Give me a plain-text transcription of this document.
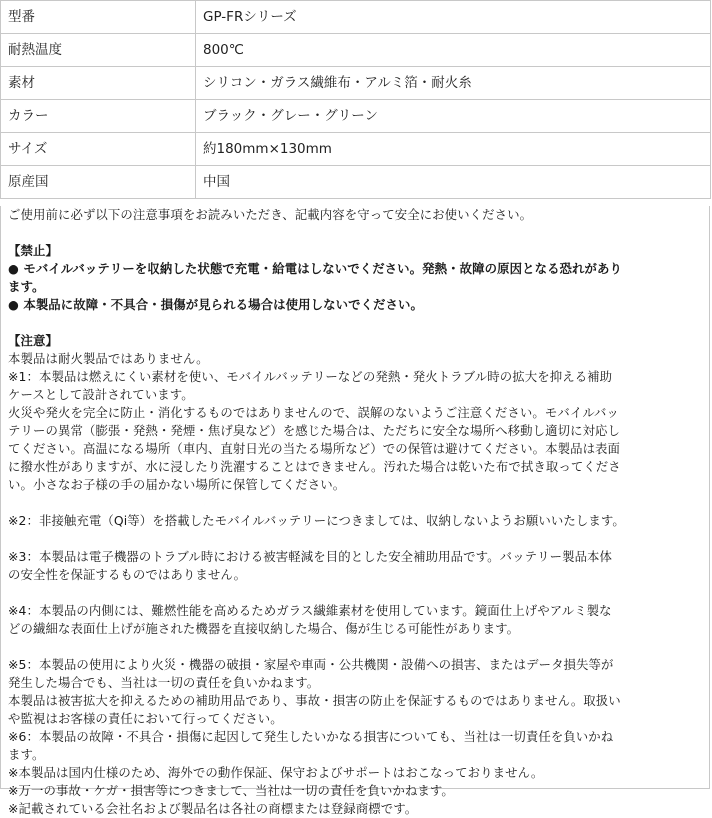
型番	GP-FRシリーズ
耐熱温度	800℃
素材	シリコン・ガラス繊維布・アルミ箔・耐火糸
カラー	ブラック・グレー・グリーン
サイズ	約180mm×130mm
原産国	中国

ご使用前に必ず以下の注意事項をお読みいただき、記載内容を守って安全にお使いください。

【禁止】

● モバイルバッテリーを収納した状態で充電・給電はしないでください。発熱・故障の原因となる恐れがあり

ます。

● 本製品に故障・不具合・損傷が見られる場合は使用しないでください。

【注意】

本製品は耐火製品ではありません。

※1：本製品は燃えにくい素材を使い、モバイルバッテリーなどの発熱・発火トラブル時の拡大を抑える補助

ケースとして設計されています。

火災や発火を完全に防止・消化するものではありませんので、誤解のないようご注意ください。モバイルバッ

テリーの異常（膨張・発熱・発煙・焦げ臭など）を感じた場合は、ただちに安全な場所へ移動し適切に対応し

てください。高温になる場所（車内、直射日光の当たる場所など）での保管は避けてください。本製品は表面

に撥水性がありますが、水に浸したり洗濯することはできません。汚れた場合は乾いた布で拭き取ってくださ

い。小さなお子様の手の届かない場所に保管してください。

※2：非接触充電（Qi等）を搭載したモバイルバッテリーにつきましては、収納しないようお願いいたします。

※3：本製品は電子機器のトラブル時における被害軽減を目的とした安全補助用品です。バッテリー製品本体

の安全性を保証するものではありません。

※4：本製品の内側には、難燃性能を高めるためガラス繊維素材を使用しています。鏡面仕上げやアルミ製な

どの繊細な表面仕上げが施された機器を直接収納した場合、傷が生じる可能性があります。

※5：本製品の使用により火災・機器の破損・家屋や車両・公共機関・設備への損害、またはデータ損失等が

発生した場合でも、当社は一切の責任を負いかねます。

本製品は被害拡大を抑えるための補助用品であり、事故・損害の防止を保証するものではありません。取扱い

や監視はお客様の責任において行ってください。

※6：本製品の故障・不具合・損傷に起因して発生したいかなる損害についても、当社は一切責任を負いかね

ます。

※本製品は国内仕様のため、海外での動作保証、保守およびサポートはおこなっておりません。

※万一の事故・ケガ・損害等につきまして、当社は一切の責任を負いかねます。

※記載されている会社名および製品名は各社の商標または登録商標です。
